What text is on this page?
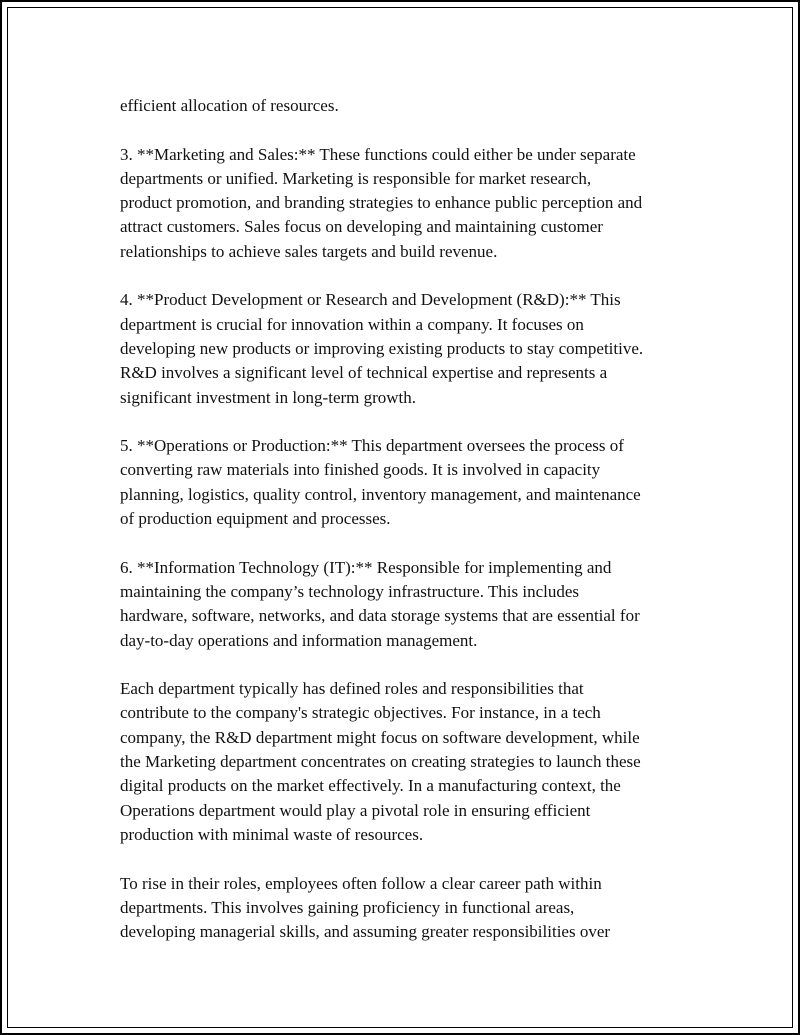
efficient allocation of resources.

3. **Marketing and Sales:** These functions could either be under separate
departments or unified. Marketing is responsible for market research,
product promotion, and branding strategies to enhance public perception and
attract customers. Sales focus on developing and maintaining customer
relationships to achieve sales targets and build revenue.

4. **Product Development or Research and Development (R&D):** This
department is crucial for innovation within a company. It focuses on
developing new products or improving existing products to stay competitive.
R&D involves a significant level of technical expertise and represents a
significant investment in long-term growth.

5. **Operations or Production:** This department oversees the process of
converting raw materials into finished goods. It is involved in capacity
planning, logistics, quality control, inventory management, and maintenance
of production equipment and processes.

6. **Information Technology (IT):** Responsible for implementing and
maintaining the company’s technology infrastructure. This includes
hardware, software, networks, and data storage systems that are essential for
day-to-day operations and information management.

Each department typically has defined roles and responsibilities that
contribute to the company's strategic objectives. For instance, in a tech
company, the R&D department might focus on software development, while
the Marketing department concentrates on creating strategies to launch these
digital products on the market effectively. In a manufacturing context, the
Operations department would play a pivotal role in ensuring efficient
production with minimal waste of resources.

To rise in their roles, employees often follow a clear career path within
departments. This involves gaining proficiency in functional areas,
developing managerial skills, and assuming greater responsibilities over
